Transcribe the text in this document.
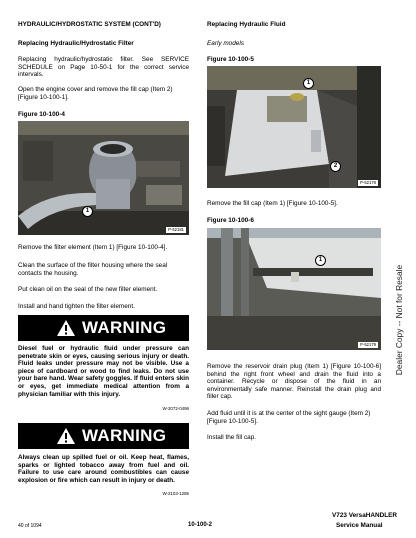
HYDRAULIC/HYDROSTATIC SYSTEM (CONT'D)
Replacing Hydraulic/Hydrostatic Filter
Replacing hydraulic/hydrostatic filter. See SERVICE SCHEDULE on Page 10-50-1 for the correct service intervals.
Open the engine cover and remove the fill cap (Item 2) [Figure 10-100-1].
Figure 10-100-4
P-52181
1
Remove the filter element (Item 1) [Figure 10-100-4].
Clean the surface of the filter housing where the seal contacts the housing.
Put clean oil on the seal of the new filter element.
Install and hand tighten the filter element.
WARNING
Diesel fuel or hydraulic fluid under pressure can penetrate skin or eyes, causing serious injury or death. Fluid leaks under pressure may not be visible. Use a piece of cardboard or wood to find leaks. Do not use your bare hand. Wear safety goggles. If fluid enters skin or eyes, get immediate medical attention from a physician familiar with this injury.
W-2072-0496
WARNING
Always clean up spilled fuel or oil. Keep heat, flames, sparks or lighted tobacco away from fuel and oil. Failure to use care around combustibles can cause explosion or fire which can result in injury or death.
W-2103-1285
Replacing Hydraulic Fluid
Early models
Figure 10-100-5
P-52178
1
2
Remove the fill cap (Item 1) [Figure 10-100-5].
Figure 10-100-6
P-52179
1
Remove the reservoir drain plug (Item 1) [Figure 10-100-6] behind the right front wheel and drain the fluid into a container. Recycle or dispose of the fluid in an environmentally safe manner. Reinstall the drain plug and filler cap.
Add fluid until it is at the center of the sight gauge (Item 2) [Figure 10-100-5].
Install the fill cap.
Dealer Copy -- Not for Resale
40 of 1094	10-100-2
V723 VersaHANDLER
Service Manual
